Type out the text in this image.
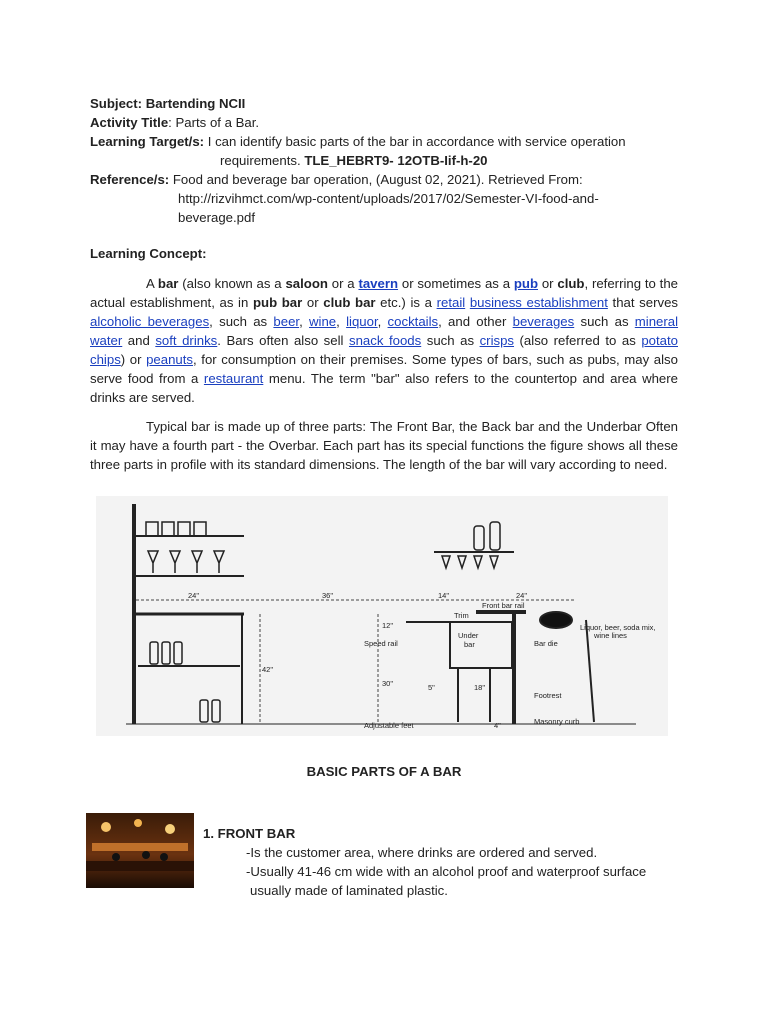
Subject: Bartending NCII
Activity Title: Parts of a Bar.
Learning Target/s: I can identify basic parts of the bar in accordance with service operation
requirements. TLE_HEBRT9- 12OTB-Iif-h-20
Reference/s: Food and beverage bar operation, (August 02, 2021). Retrieved From:
http://rizvihmct.com/wp-content/uploads/2017/02/Semester-VI-food-and-
beverage.pdf
Learning Concept:
A bar (also known as a saloon or a tavern or sometimes as a pub or club, referring to the actual establishment, as in pub bar or club bar etc.) is a retail business establishment that serves alcoholic beverages, such as beer, wine, liquor, cocktails, and other beverages such as mineral water and soft drinks. Bars often also sell snack foods such as crisps (also referred to as potato chips) or peanuts, for consumption on their premises. Some types of bars, such as pubs, may also serve food from a restaurant menu. The term "bar" also refers to the countertop and area where drinks are served.
Typical bar is made up of three parts: The Front Bar, the Back bar and the Underbar Often it may have a fourth part - the Overbar. Each part has its special functions the figure shows all these three parts in profile with its standard dimensions. The length of the bar will vary according to need.
24"	36"	14"	24"
Front bar rail
Trim
Liquor, beer, soda mix,
wine lines
12"
42"
Speed rail
Under
bar	Bar die
30"	5"	18"
Footrest
Adjustable feet	4"	Masonry curb
BASIC PARTS OF A BAR
1. FRONT BAR
-Is the customer area, where drinks are ordered and served.
-Usually 41-46 cm wide with an alcohol proof and waterproof surface
usually made of laminated plastic.
